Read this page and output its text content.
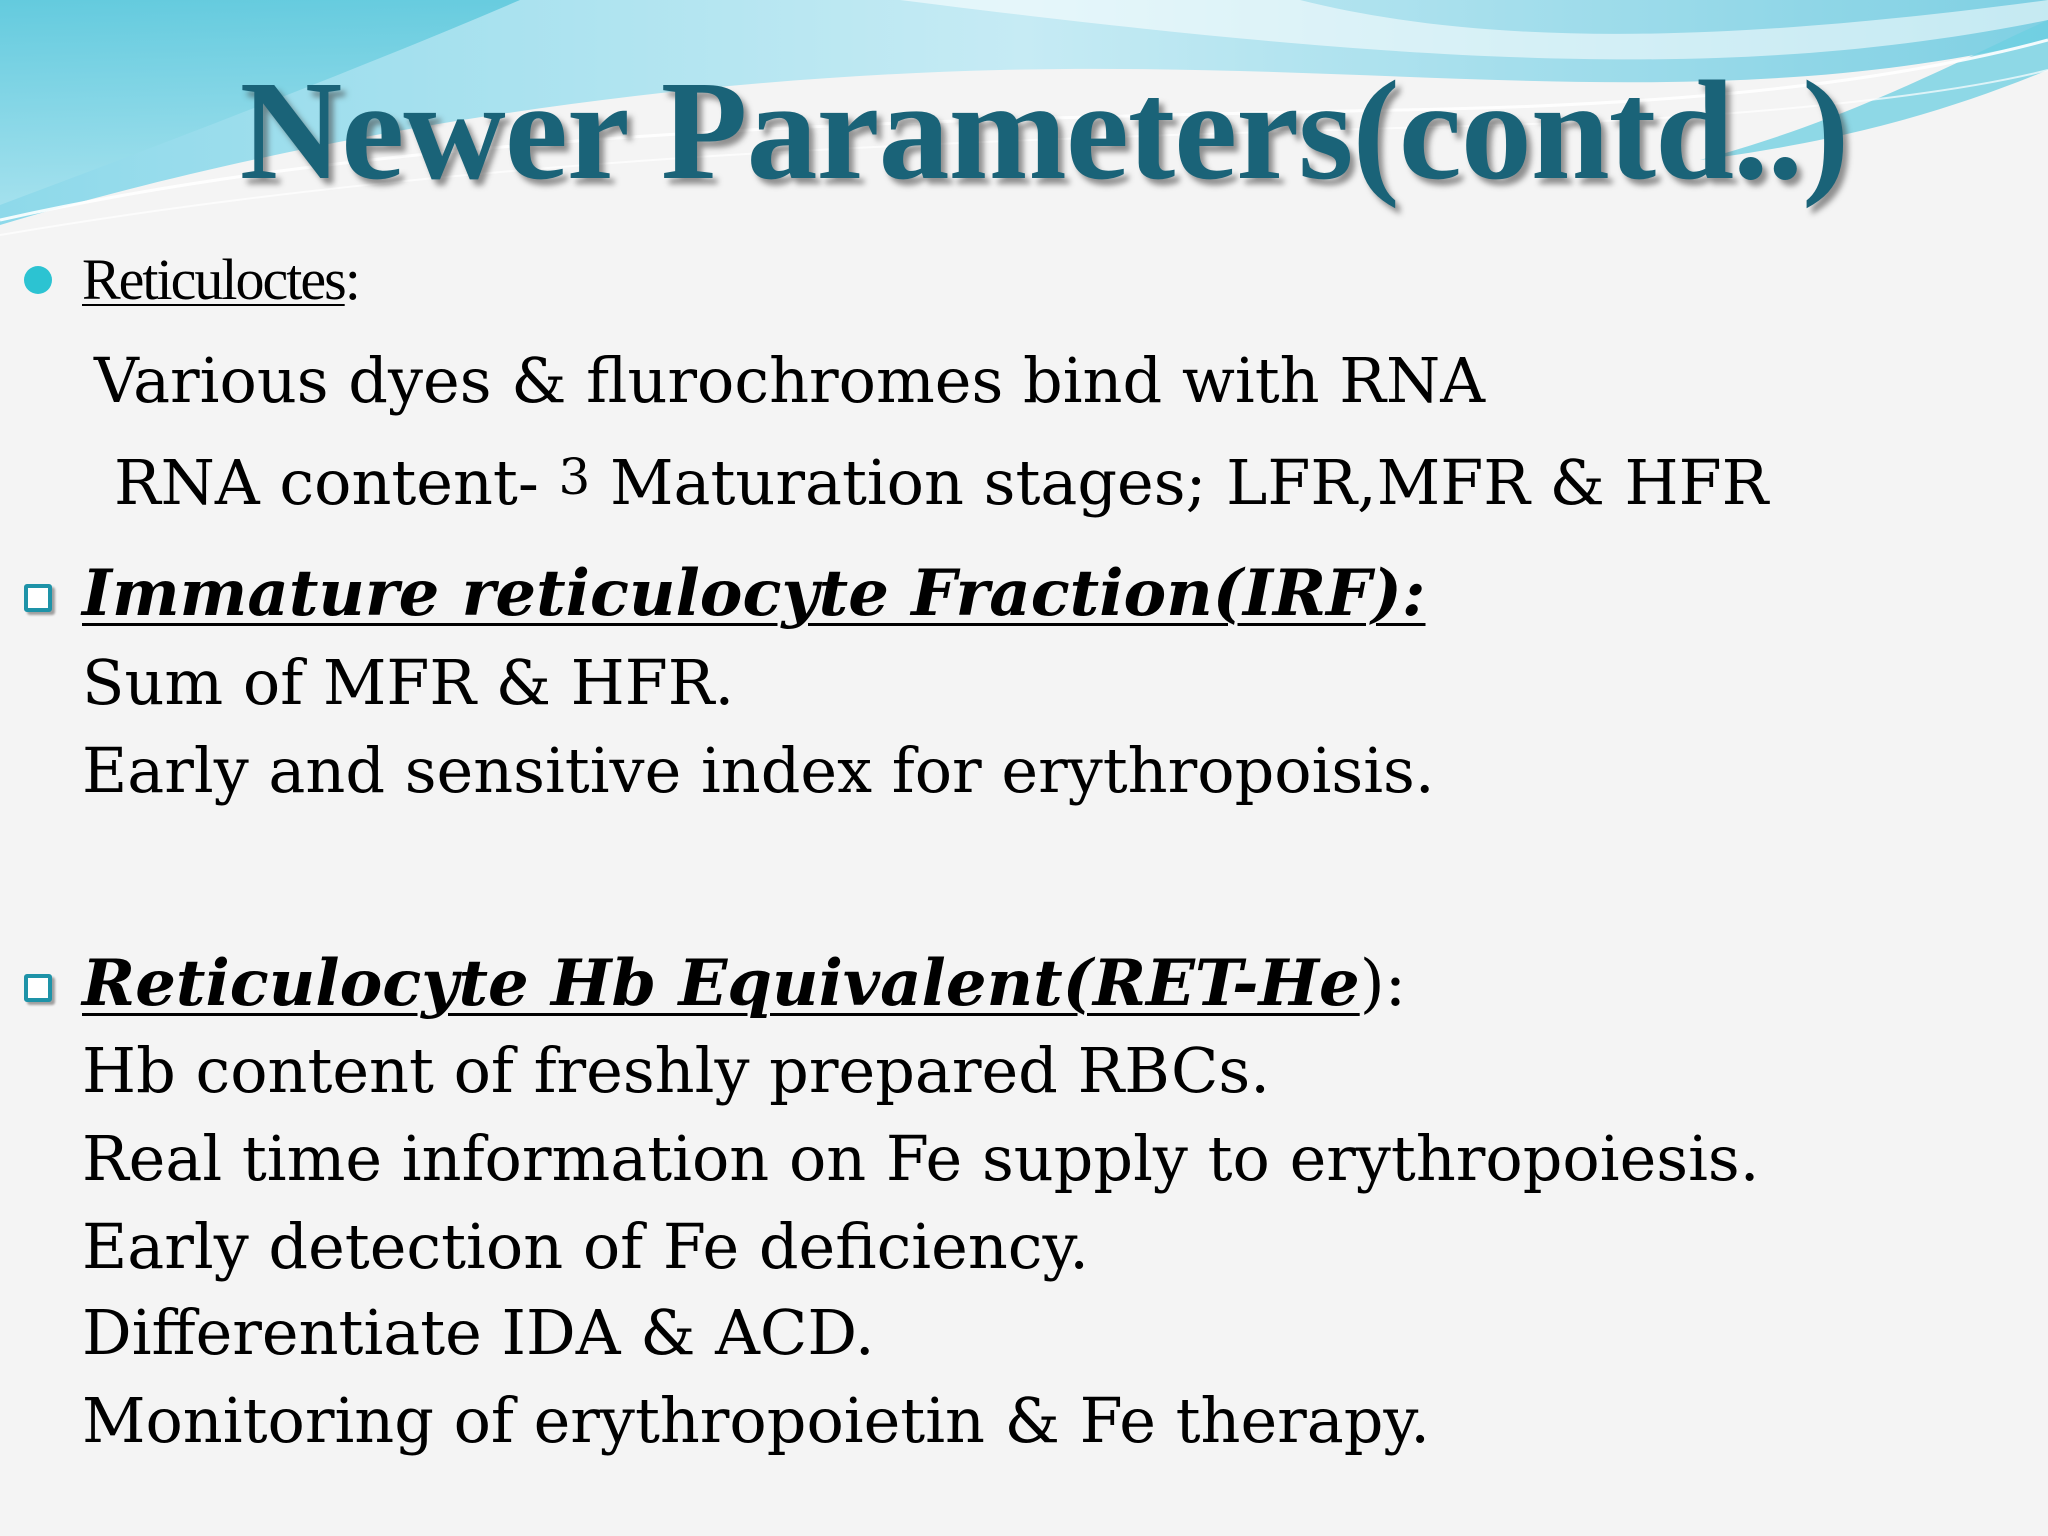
Newer Parameters(contd..)
Reticuloctes:
Various dyes & flurochromes bind with RNA
RNA content- 3 Maturation stages; LFR,MFR & HFR
Immature reticulocyte Fraction(IRF):
Sum of MFR & HFR.
Early and sensitive index for erythropoisis.
Reticulocyte Hb Equivalent(RET-He):
Hb content of freshly prepared RBCs.
Real time information on Fe supply to erythropoiesis.
Early detection of Fe deficiency.
Differentiate IDA & ACD.
Monitoring of erythropoietin & Fe therapy.
